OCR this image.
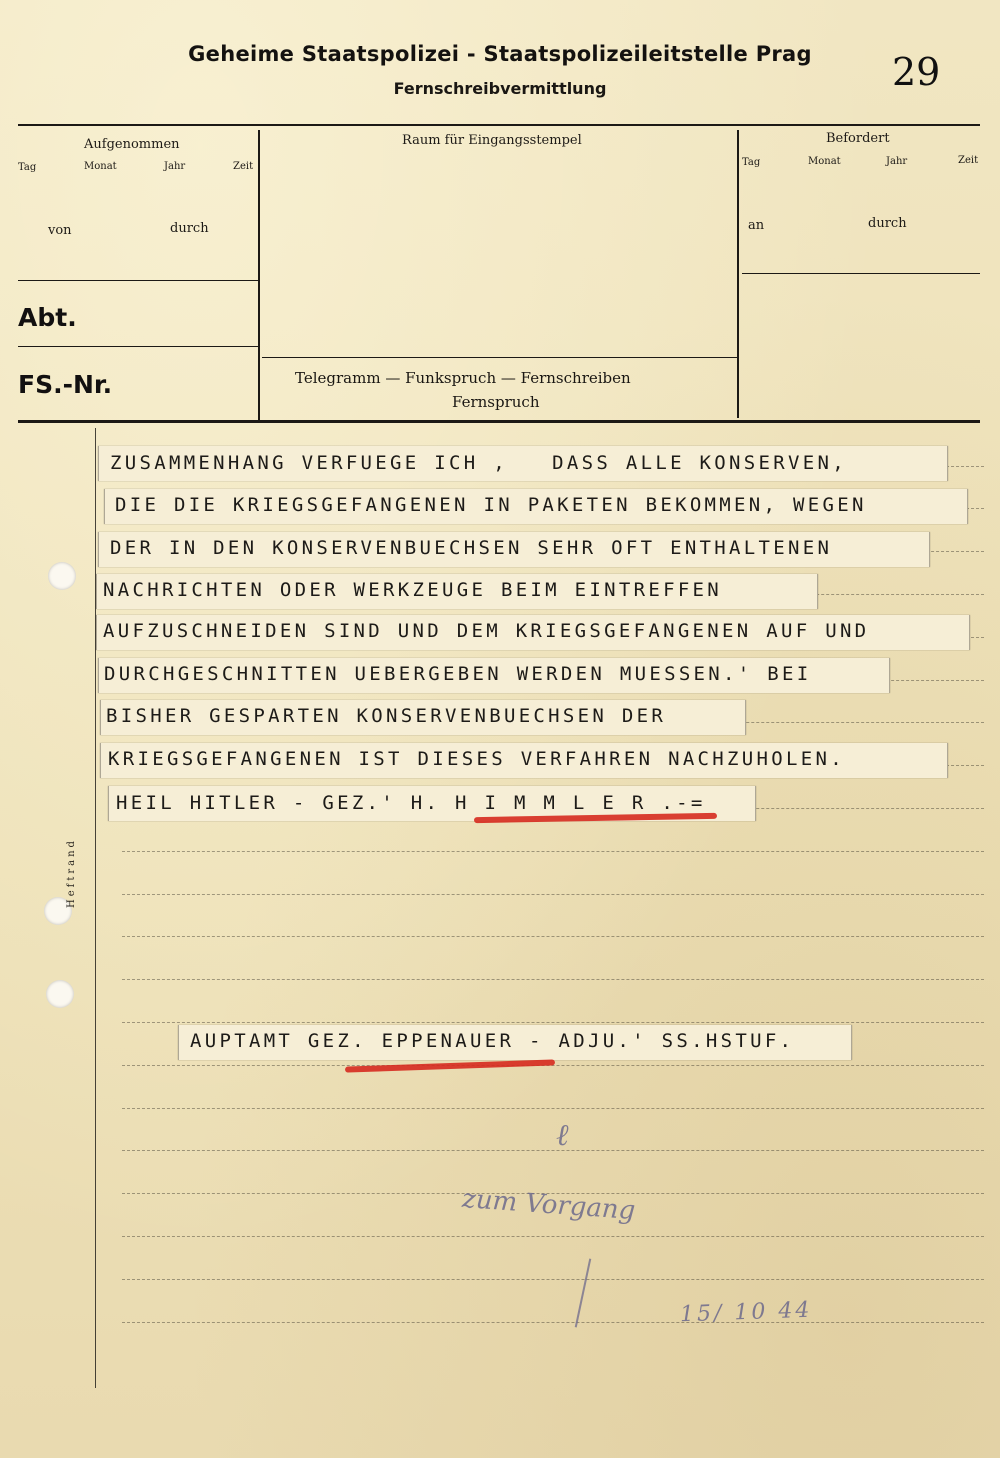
Geheime Staatspolizei - Staatspolizeileitstelle Prag
Fernschreibvermittlung	29
Aufgenommen
Tag	Monat	Jahr	Zeit
von	durch
Abt.
FS.-Nr.
Raum für Eingangsstempel
Telegramm — Funkspruch — Fernschreiben
Fernspruch
Befordert
Tag	Monat	Jahr	Zeit
an	durch
Heftrand
ZUSAMMENHANG VERFUEGE ICH ,   DASS ALLE KONSERVEN,
DIE DIE KRIEGSGEFANGENEN IN PAKETEN BEKOMMEN, WEGEN
DER IN DEN KONSERVENBUECHSEN SEHR OFT ENTHALTENEN
NACHRICHTEN ODER WERKZEUGE BEIM EINTREFFEN
AUFZUSCHNEIDEN SIND UND DEM KRIEGSGEFANGENEN AUF UND
DURCHGESCHNITTEN UEBERGEBEN WERDEN MUESSEN.' BEI
BISHER GESPARTEN KONSERVENBUECHSEN DER
KRIEGSGEFANGENEN IST DIESES VERFAHREN NACHZUHOLEN.
HEIL HITLER - GEZ.' H. H I M M L E R .-=
AUPTAMT GEZ. EPPENAUER - ADJU.' SS.HSTUF.
zum Vorgang
ℓ
15/ 10 44
